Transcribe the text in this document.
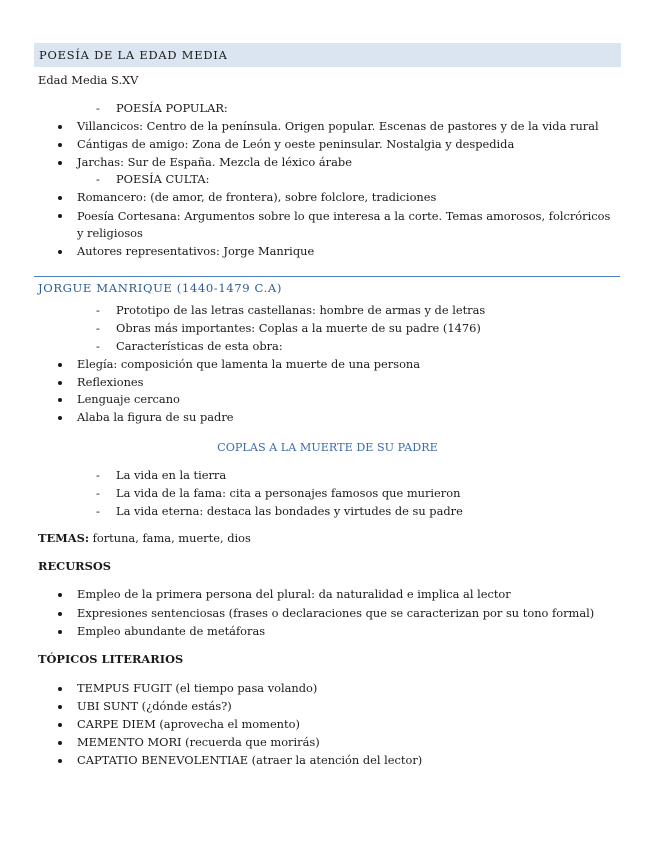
POESÍA DE LA EDAD MEDIA
Edad Media S.XV
- POESÍA POPULAR:
Villancicos: Centro de la península. Origen popular. Escenas de pastores y de la vida rural
Cántigas de amigo: Zona de León y oeste peninsular. Nostalgia y despedida
Jarchas: Sur de España. Mezcla de léxico árabe
- POESÍA CULTA:
Romancero: (de amor, de frontera), sobre folclore, tradiciones
Poesía Cortesana: Argumentos sobre lo que interesa a la corte. Temas amorosos, folcróricos y religiosos
Autores representativos: Jorge Manrique
JORGUE MANRIQUE (1440-1479 C.A)
- Prototipo de las letras castellanas: hombre de armas y de letras
- Obras más importantes: Coplas a la muerte de su padre (1476)
- Características de esta obra:
Elegía: composición que lamenta la muerte de una persona
Reflexiones
Lenguaje cercano
Alaba la figura de su padre
COPLAS A LA MUERTE DE SU PADRE
- La vida en la tierra
- La vida de la fama: cita a personajes famosos que murieron
- La vida eterna: destaca las bondades y virtudes de su padre
TEMAS: fortuna, fama, muerte, dios
RECURSOS
Empleo de la primera persona del plural: da naturalidad e implica al lector
Expresiones sentenciosas (frases o declaraciones que se caracterizan por su tono formal)
Empleo abundante de metáforas
TÓPICOS LITERARIOS
TEMPUS FUGIT (el tiempo pasa volando)
UBI SUNT (¿dónde estás?)
CARPE DIEM (aprovecha el momento)
MEMENTO MORI (recuerda que morirás)
CAPTATIO BENEVOLENTIAE (atraer la atención del lector)
